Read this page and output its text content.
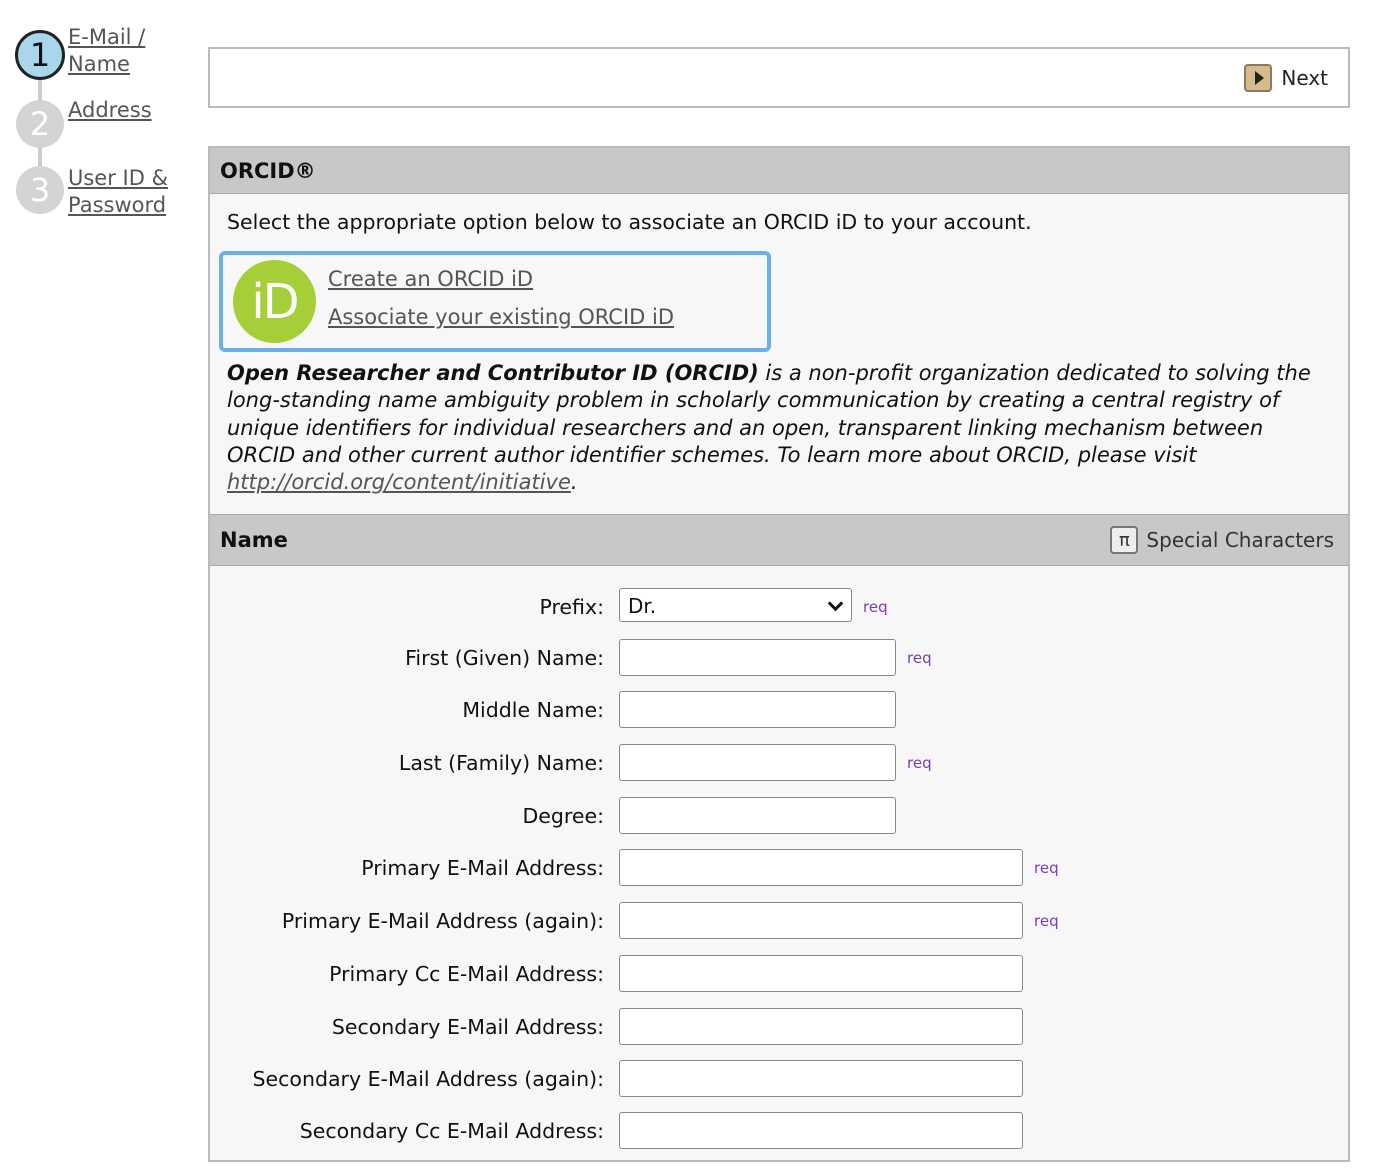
1 E-Mail / Name
2 Address
3 User ID & Password
Next
ORCID®
Select the appropriate option below to associate an ORCID iD to your account.
iD	Create an ORCID iD
Associate your existing ORCID iD
Open Researcher and Contributor ID (ORCID) is a non-profit organization dedicated to solving the long-standing name ambiguity problem in scholarly communication by creating a central registry of unique identifiers for individual researchers and an open, transparent linking mechanism between ORCID and other current author identifier schemes. To learn more about ORCID, please visit http://orcid.org/content/initiative.
Name	π Special Characters
Prefix:	Dr.	req
First (Given) Name:	req
Middle Name:
Last (Family) Name:	req
Degree:
Primary E-Mail Address:	req
Primary E-Mail Address (again):	req
Primary Cc E-Mail Address:
Secondary E-Mail Address:
Secondary E-Mail Address (again):
Secondary Cc E-Mail Address:
